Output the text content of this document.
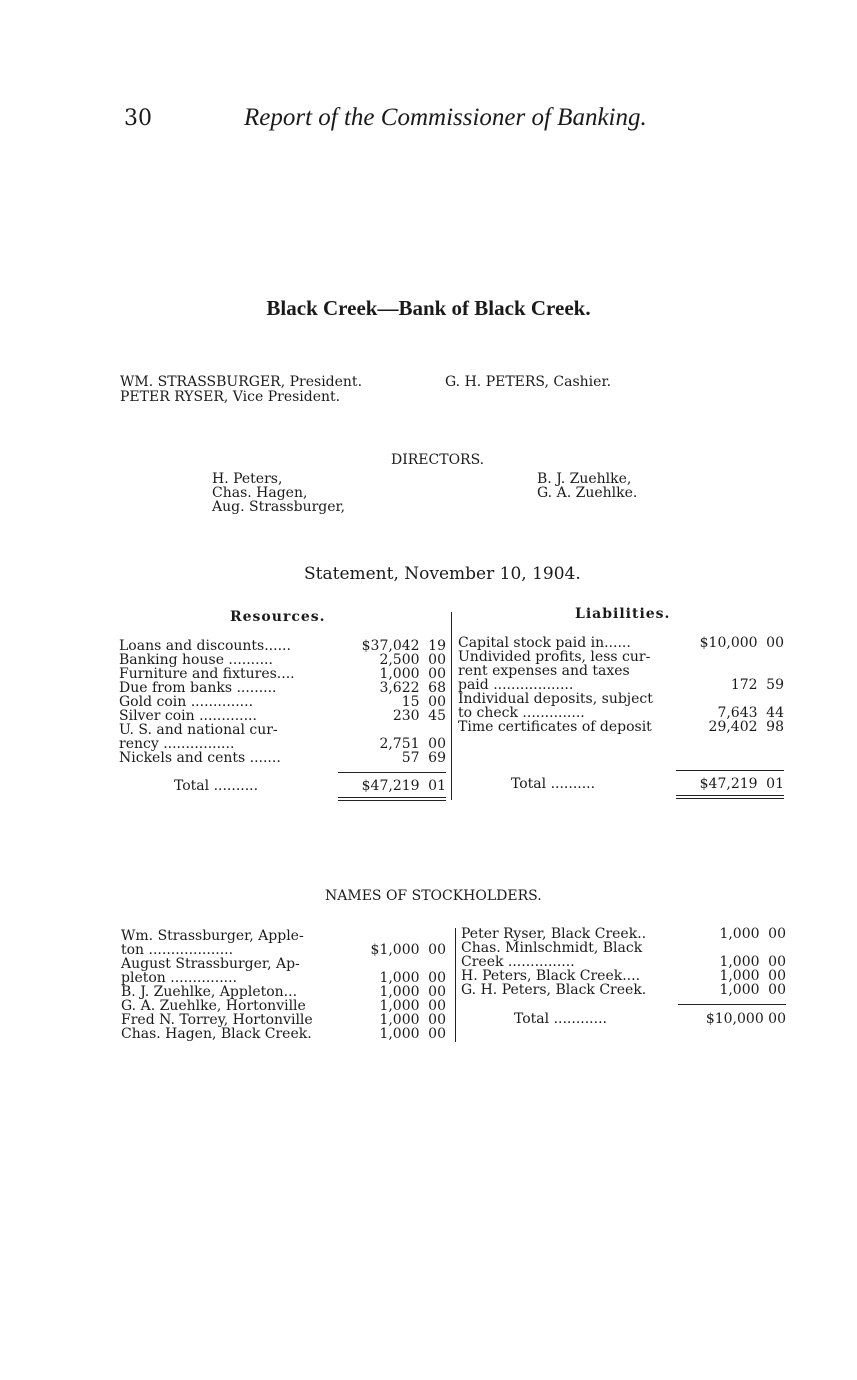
30	Report of the Commissioner of Banking.
Black Creek—Bank of Black Creek.
WM. STRASSBURGER, President.
PETER RYSER, Vice President.
G. H. PETERS, Cashier.
DIRECTORS.
H. Peters,
Chas. Hagen,
Aug. Strassburger,
B. J. Zuehlke,
G. A. Zuehlke.
Statement, November 10, 1904.
Resources.	Liabilities.
Loans and discounts......	$37,042 19
Banking house ..........	2,500 00
Furniture and fixtures....	1,000 00
Due from banks .........	3,622 68
Gold coin ..............	15 00
Silver coin .............	230 45
U. S. and national cur-
rency ................	2,751 00
Nickels and cents .......	57 69
Capital stock paid in......	$10,000 00
Undivided profits, less cur-
rent expenses and taxes
paid ..................	172 59
Individual deposits, subject
to check ..............	7,643 44
Time certificates of deposit	29,402 98
Total ..........	$47,219 01	Total ..........	$47,219 01
NAMES OF STOCKHOLDERS.
Wm. Strassburger, Apple-
ton ...................	$1,000 00
August Strassburger, Ap-
pleton ...............	1,000 00
B. J. Zuehlke, Appleton...	1,000 00
G. A. Zuehlke, Hortonville	1,000 00
Fred N. Torrey, Hortonville	1,000 00
Chas. Hagen, Black Creek.	1,000 00
Peter Ryser, Black Creek..	1,000 00
Chas. Minlschmidt, Black
Creek ...............	1,000 00
H. Peters, Black Creek....	1,000 00
G. H. Peters, Black Creek.	1,000 00
Total ............	$10,000 00
